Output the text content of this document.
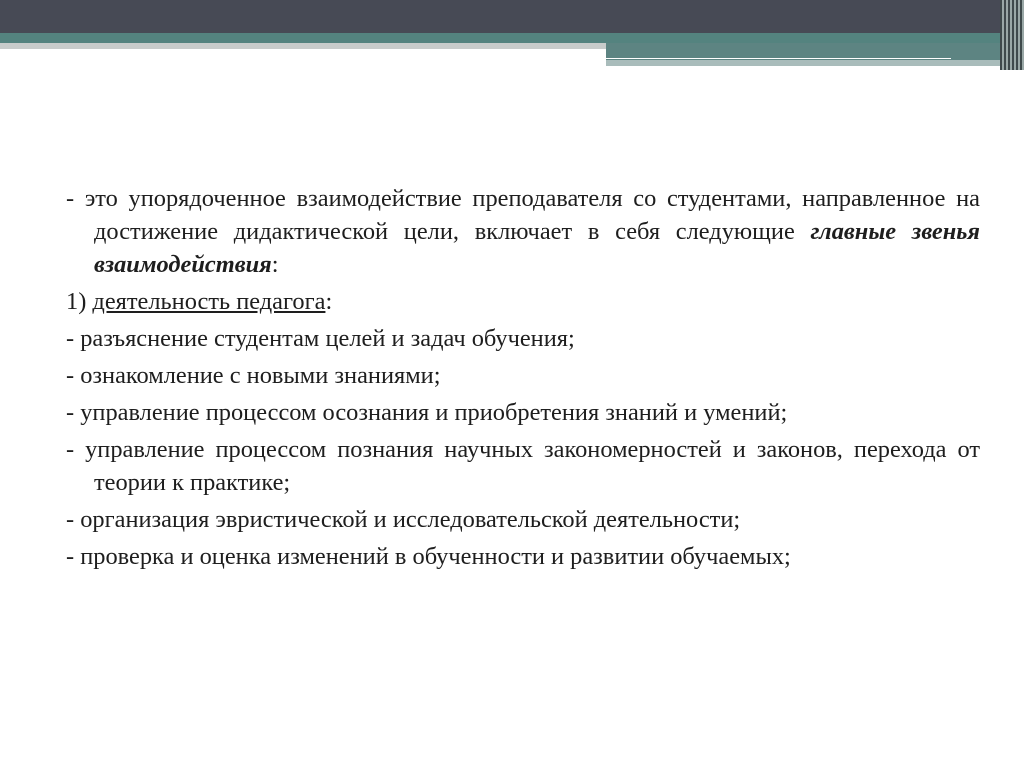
- это упорядоченное взаимодействие преподавателя со студентами, направленное на достижение дидактической цели, включает в себя следующие главные звенья взаимодействия:

1) деятельность педагога:

- разъяснение студентам целей и задач обучения;

- ознакомление с новыми знаниями;

- управление процессом осознания и приобретения знаний и умений;

- управление процессом познания научных закономерностей и законов, перехода от теории к практике;

- организация эвристической и исследовательской деятельности;

- проверка и оценка изменений в обученности и развитии обучаемых;
